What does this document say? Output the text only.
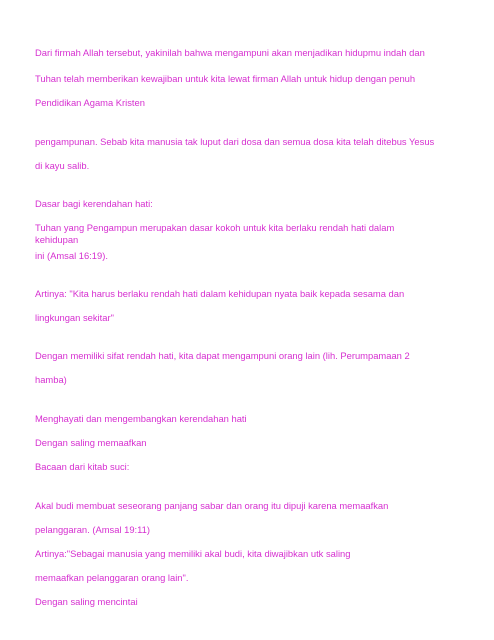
Dari firmah Allah tersebut, yakinilah bahwa mengampuni akan menjadikan hidupmu indah dan
Tuhan telah memberikan kewajiban untuk kita lewat firman Allah untuk hidup dengan penuh
Pendidikan Agama Kristen
pengampunan. Sebab kita manusia tak luput dari dosa dan semua dosa kita telah ditebus Yesus
di kayu salib.
Dasar bagi kerendahan hati:
Tuhan yang Pengampun merupakan dasar kokoh untuk kita berlaku rendah hati dalam
kehidupan
ini (Amsal 16:19).
Artinya: "Kita harus berlaku rendah hati dalam kehidupan nyata baik kepada sesama dan
lingkungan sekitar"
Dengan memiliki sifat rendah hati, kita dapat mengampuni orang lain (lih. Perumpamaan 2
hamba)
Menghayati dan mengembangkan kerendahan hati
Dengan saling memaafkan
Bacaan dari kitab suci:
Akal budi membuat seseorang panjang sabar dan orang itu dipuji karena memaafkan
pelanggaran. (Amsal 19:11)
Artinya:"Sebagai manusia yang memiliki akal budi, kita diwajibkan utk saling
memaafkan pelanggaran orang lain".
Dengan saling mencintai
